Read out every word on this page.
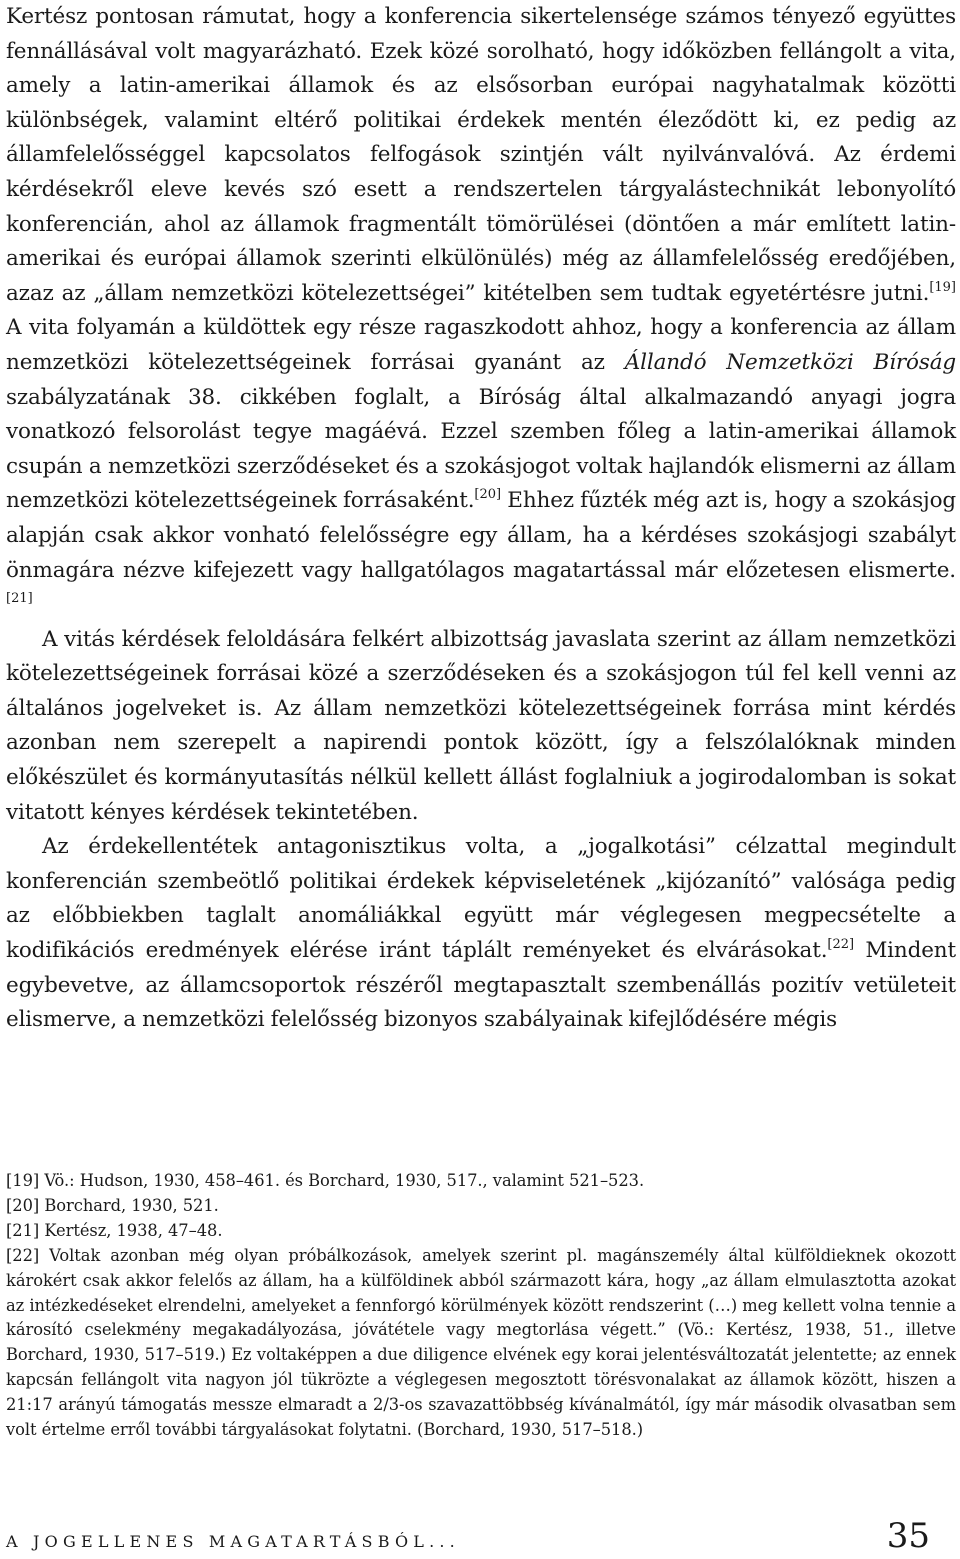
Kertész pontosan rámutat, hogy a konferencia sikertelensége számos tényező együttes fennállásával volt magyarázható. Ezek közé sorolható, hogy időközben fellángolt a vita, amely a latin-amerikai államok és az elsősorban európai nagyhatalmak közötti különbségek, valamint eltérő politikai érdekek mentén éleződött ki, ez pedig az államfelelősséggel kapcsolatos felfogások szintjén vált nyilvánvalóvá. Az érdemi kérdésekről eleve kevés szó esett a rendszertelen tárgyalástechnikát lebonyolító konferencián, ahol az államok fragmentált tömörülései (döntően a már említett latin-amerikai és európai államok szerinti elkülönülés) még az államfelelősség eredőjében, azaz az „állam nemzetközi kötelezettségei” kitételben sem tudtak egyetértésre jutni.[19] A vita folyamán a küldöttek egy része ragaszkodott ahhoz, hogy a konferencia az állam nemzetközi kötelezettségeinek forrásai gyanánt az Állandó Nemzetközi Bíróság szabályzatának 38. cikkében foglalt, a Bíróság által alkalmazandó anyagi jogra vonatkozó felsorolást tegye magáévá. Ezzel szemben főleg a latin-amerikai államok csupán a nemzetközi szerződéseket és a szokásjogot voltak hajlandók elismerni az állam nemzetközi kötelezettségeinek forrásaként.[20] Ehhez fűzték még azt is, hogy a szokásjog alapján csak akkor vonható felelősségre egy állam, ha a kérdéses szokásjogi szabályt önmagára nézve kifejezett vagy hallgatólagos magatartással már előzetesen elismerte.[21]

A vitás kérdések feloldására felkért albizottság javaslata szerint az állam nemzetközi kötelezettségeinek forrásai közé a szerződéseken és a szokásjogon túl fel kell venni az általános jogelveket is. Az állam nemzetközi kötelezettségeinek forrása mint kérdés azonban nem szerepelt a napirendi pontok között, így a felszólalóknak minden előkészület és kormányutasítás nélkül kellett állást foglalniuk a jogirodalomban is sokat vitatott kényes kérdések tekintetében.

Az érdekellentétek antagonisztikus volta, a „jogalkotási” célzattal megindult konferencián szembeötlő politikai érdekek képviseletének „kijózanító” valósága pedig az előbbiekben taglalt anomáliákkal együtt már véglegesen megpecsételte a kodifikációs eredmények elérése iránt táplált reményeket és elvárásokat.[22] Mindent egybevetve, az államcsoportok részéről megtapasztalt szembenállás pozitív vetületeit elismerve, a nemzetközi felelősség bizonyos szabályainak kifejlődésére mégis

[19] Vö.: Hudson, 1930, 458–461. és Borchard, 1930, 517., valamint 521–523.

[20] Borchard, 1930, 521.

[21] Kertész, 1938, 47–48.

[22] Voltak azonban még olyan próbálkozások, amelyek szerint pl. magánszemély által külföldieknek okozott károkért csak akkor felelős az állam, ha a külföldinek abból származott kára, hogy „az állam elmulasztotta azokat az intézkedéseket elrendelni, amelyeket a fennforgó körülmények között rendszerint (…) meg kellett volna tennie a károsító cselekmény megakadályozása, jóvátétele vagy megtorlása végett.” (Vö.: Kertész, 1938, 51., illetve Borchard, 1930, 517–519.) Ez voltaképpen a due diligence elvének egy korai jelentésváltozatát jelentette; az ennek kapcsán fellángolt vita nagyon jól tükrözte a véglegesen megosztott törésvonalakat az államok között, hiszen a 21:17 arányú támogatás messze elmaradt a 2/3-os szavazattöbbség kívánalmától, így már második olvasatban sem volt értelme erről további tárgyalásokat folytatni. (Borchard, 1930, 517–518.)

A JOGELLENES MAGATARTÁSBÓL...	35
